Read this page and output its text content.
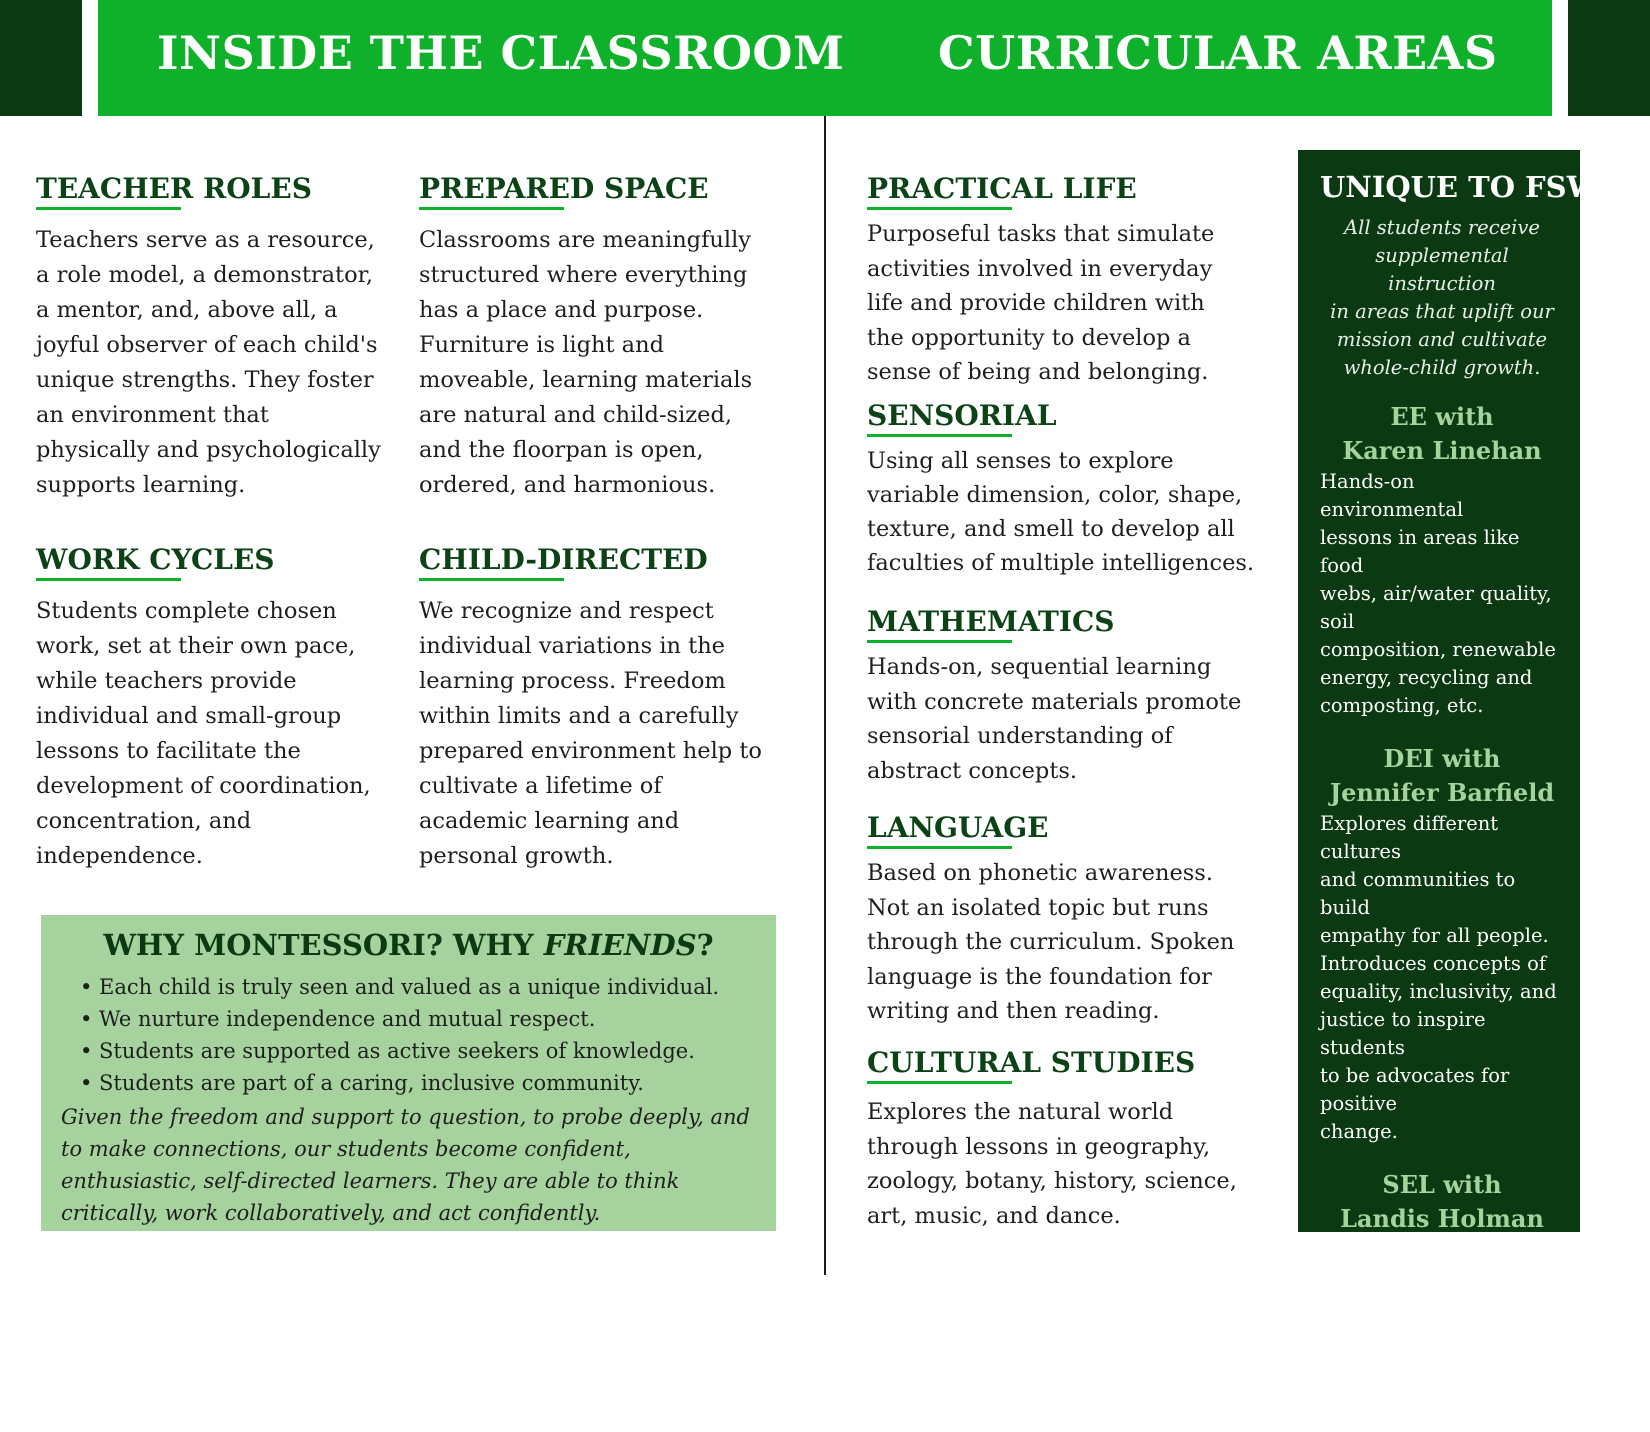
INSIDE THE CLASSROOM CURRICULAR AREAS
TEACHER ROLES
Teachers serve as a resource,
a role model, a demonstrator,
a mentor, and, above all, a
joyful observer of each child's
unique strengths. They foster
an environment that
physically and psychologically
supports learning.
PREPARED SPACE
Classrooms are meaningfully
structured where everything
has a place and purpose.
Furniture is light and
moveable, learning materials
are natural and child-sized,
and the floorpan is open,
ordered, and harmonious.
WORK CYCLES
Students complete chosen
work, set at their own pace,
while teachers provide
individual and small-group
lessons to facilitate the
development of coordination,
concentration, and
independence.
CHILD-DIRECTED
We recognize and respect
individual variations in the
learning process. Freedom
within limits and a carefully
prepared environment help to
cultivate a lifetime of
academic learning and
personal growth.
WHY MONTESSORI? WHY FRIENDS?
• Each child is truly seen and valued as a unique individual.
• We nurture independence and mutual respect.
• Students are supported as active seekers of knowledge.
• Students are part of a caring, inclusive community.
Given the freedom and support to question, to probe deeply, and
to make connections, our students become confident,
enthusiastic, self-directed learners. They are able to think
critically, work collaboratively, and act confidently.
PRACTICAL LIFE
Purposeful tasks that simulate
activities involved in everyday
life and provide children with
the opportunity to develop a
sense of being and belonging.
SENSORIAL
Using all senses to explore
variable dimension, color, shape,
texture, and smell to develop all
faculties of multiple intelligences.
MATHEMATICS
Hands-on, sequential learning
with concrete materials promote
sensorial understanding of
abstract concepts.
LANGUAGE
Based on phonetic awareness.
Not an isolated topic but runs
through the curriculum. Spoken
language is the foundation for
writing and then reading.
CULTURAL STUDIES
Explores the natural world
through lessons in geography,
zoology, botany, history, science,
art, music, and dance.
UNIQUE TO FSW
All students receive
supplemental instruction
in areas that uplift our
mission and cultivate
whole-child growth.
EE with
Karen Linehan
Hands-on environmental
lessons in areas like food
webs, air/water quality, soil
composition, renewable
energy, recycling and
composting, etc.
DEI with
Jennifer Barfield
Explores different cultures
and communities to build
empathy for all people.
Introduces concepts of
equality, inclusivity, and
justice to inspire students
to be advocates for positive
change.
SEL with
Landis Holman
Teaches intra and
interpersonal skills like
emotional regulation, stress
management, conflict
resolution, and decision-
making.
